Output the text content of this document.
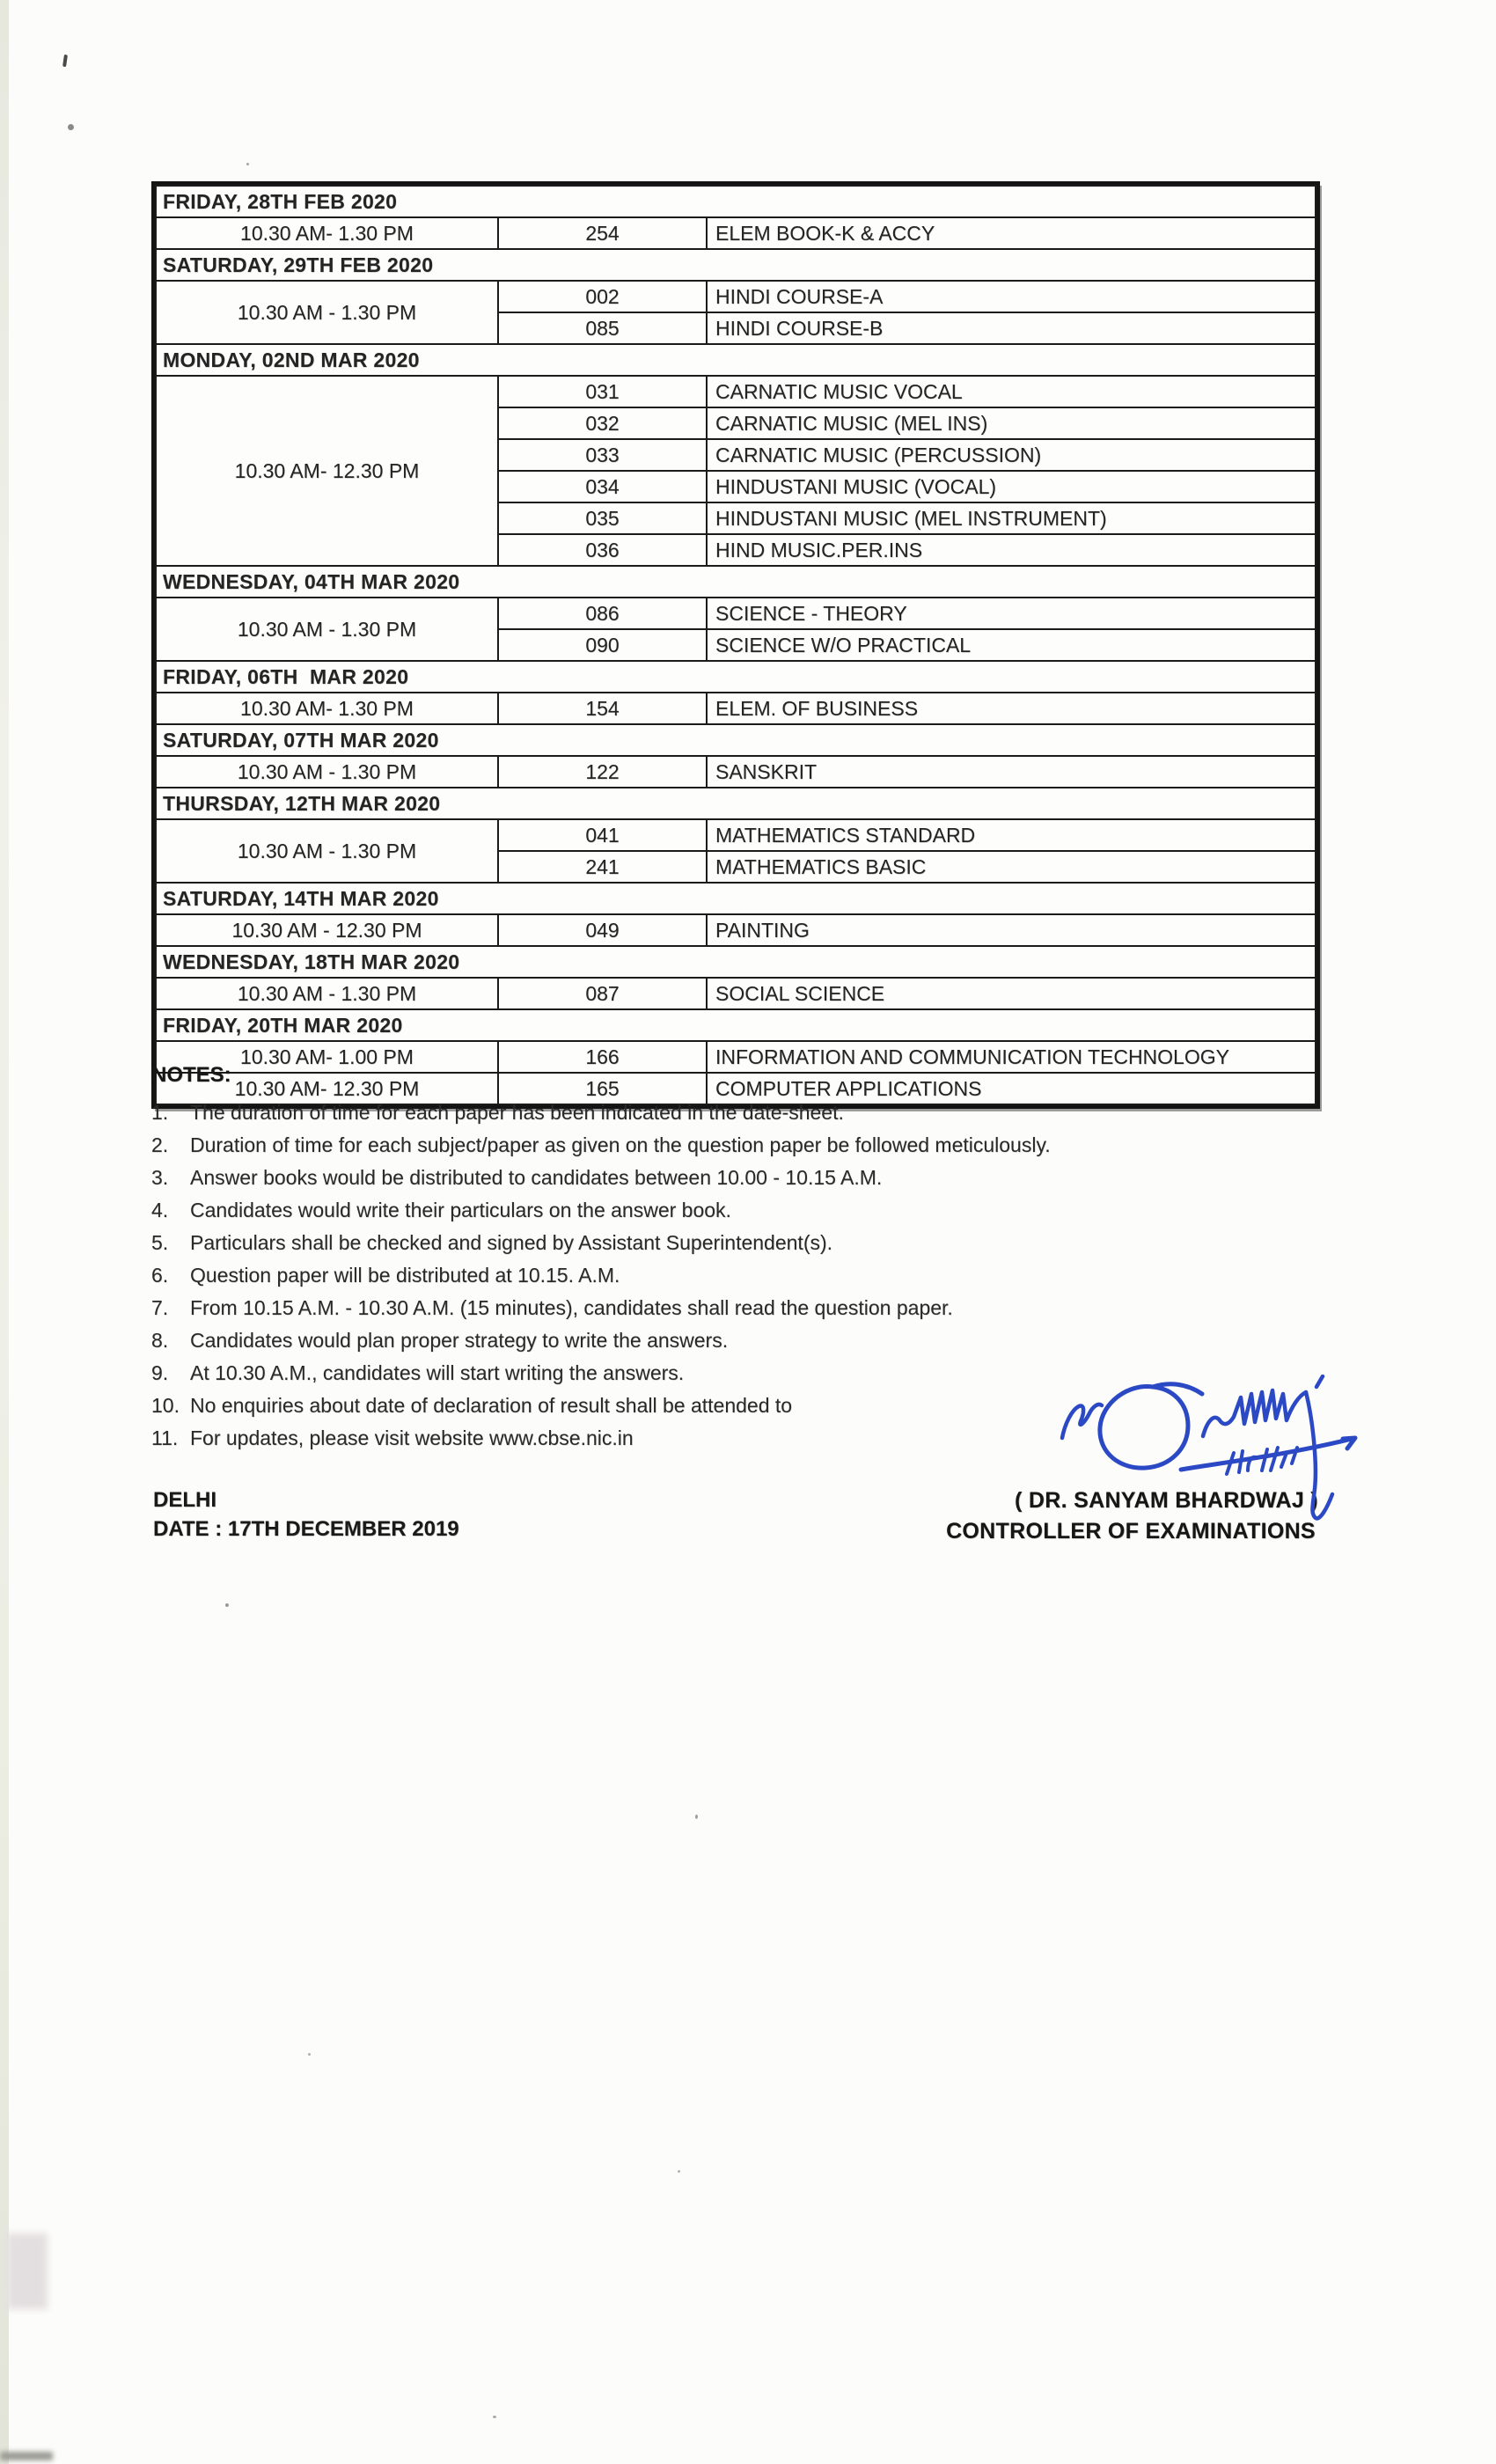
FRIDAY, 28TH FEB 2020		
10.30 AM- 1.30 PM	254	ELEM BOOK-K & ACCY
SATURDAY, 29TH FEB 2020		
10.30 AM - 1.30 PM	002	HINDI COURSE-A
	085	HINDI COURSE-B
MONDAY, 02ND MAR 2020		
10.30 AM- 12.30 PM	031	CARNATIC MUSIC VOCAL
	032	CARNATIC MUSIC (MEL INS)
	033	CARNATIC MUSIC (PERCUSSION)
	034	HINDUSTANI MUSIC (VOCAL)
	035	HINDUSTANI MUSIC (MEL INSTRUMENT)
	036	HIND MUSIC.PER.INS
WEDNESDAY, 04TH MAR 2020		
10.30 AM - 1.30 PM	086	SCIENCE - THEORY
	090	SCIENCE W/O PRACTICAL
FRIDAY, 06TH  MAR 2020		
10.30 AM- 1.30 PM	154	ELEM. OF BUSINESS
SATURDAY, 07TH MAR 2020		
10.30 AM - 1.30 PM	122	SANSKRIT
THURSDAY, 12TH MAR 2020		
10.30 AM - 1.30 PM	041	MATHEMATICS STANDARD
	241	MATHEMATICS BASIC
SATURDAY, 14TH MAR 2020		
10.30 AM - 12.30 PM	049	PAINTING
WEDNESDAY, 18TH MAR 2020		
10.30 AM - 1.30 PM	087	SOCIAL SCIENCE
FRIDAY, 20TH MAR 2020		
10.30 AM- 1.00 PM	166	INFORMATION AND COMMUNICATION TECHNOLOGY
10.30 AM- 12.30 PM	165	COMPUTER APPLICATIONS
NOTES:
1.	The duration of time for each paper has been indicated in the date-sheet.
2.	Duration of time for each subject/paper as given on the question paper be followed meticulously.
3.	Answer books would be distributed to candidates between 10.00 - 10.15 A.M.
4.	Candidates would write their particulars on the answer book.
5.	Particulars shall be checked and signed by Assistant Superintendent(s).
6.	Question paper will be distributed at 10.15. A.M.
7.	From 10.15 A.M. - 10.30 A.M. (15 minutes), candidates shall read the question paper.
8.	Candidates would plan proper strategy to write the answers.
9.	At 10.30 A.M., candidates will start writing the answers.
10. No enquiries about date of declaration of result shall be attended to
11. For updates, please visit website www.cbse.nic.in
DELHI
DATE : 17TH DECEMBER 2019
( DR. SANYAM BHARDWAJ )
CONTROLLER OF EXAMINATIONS
